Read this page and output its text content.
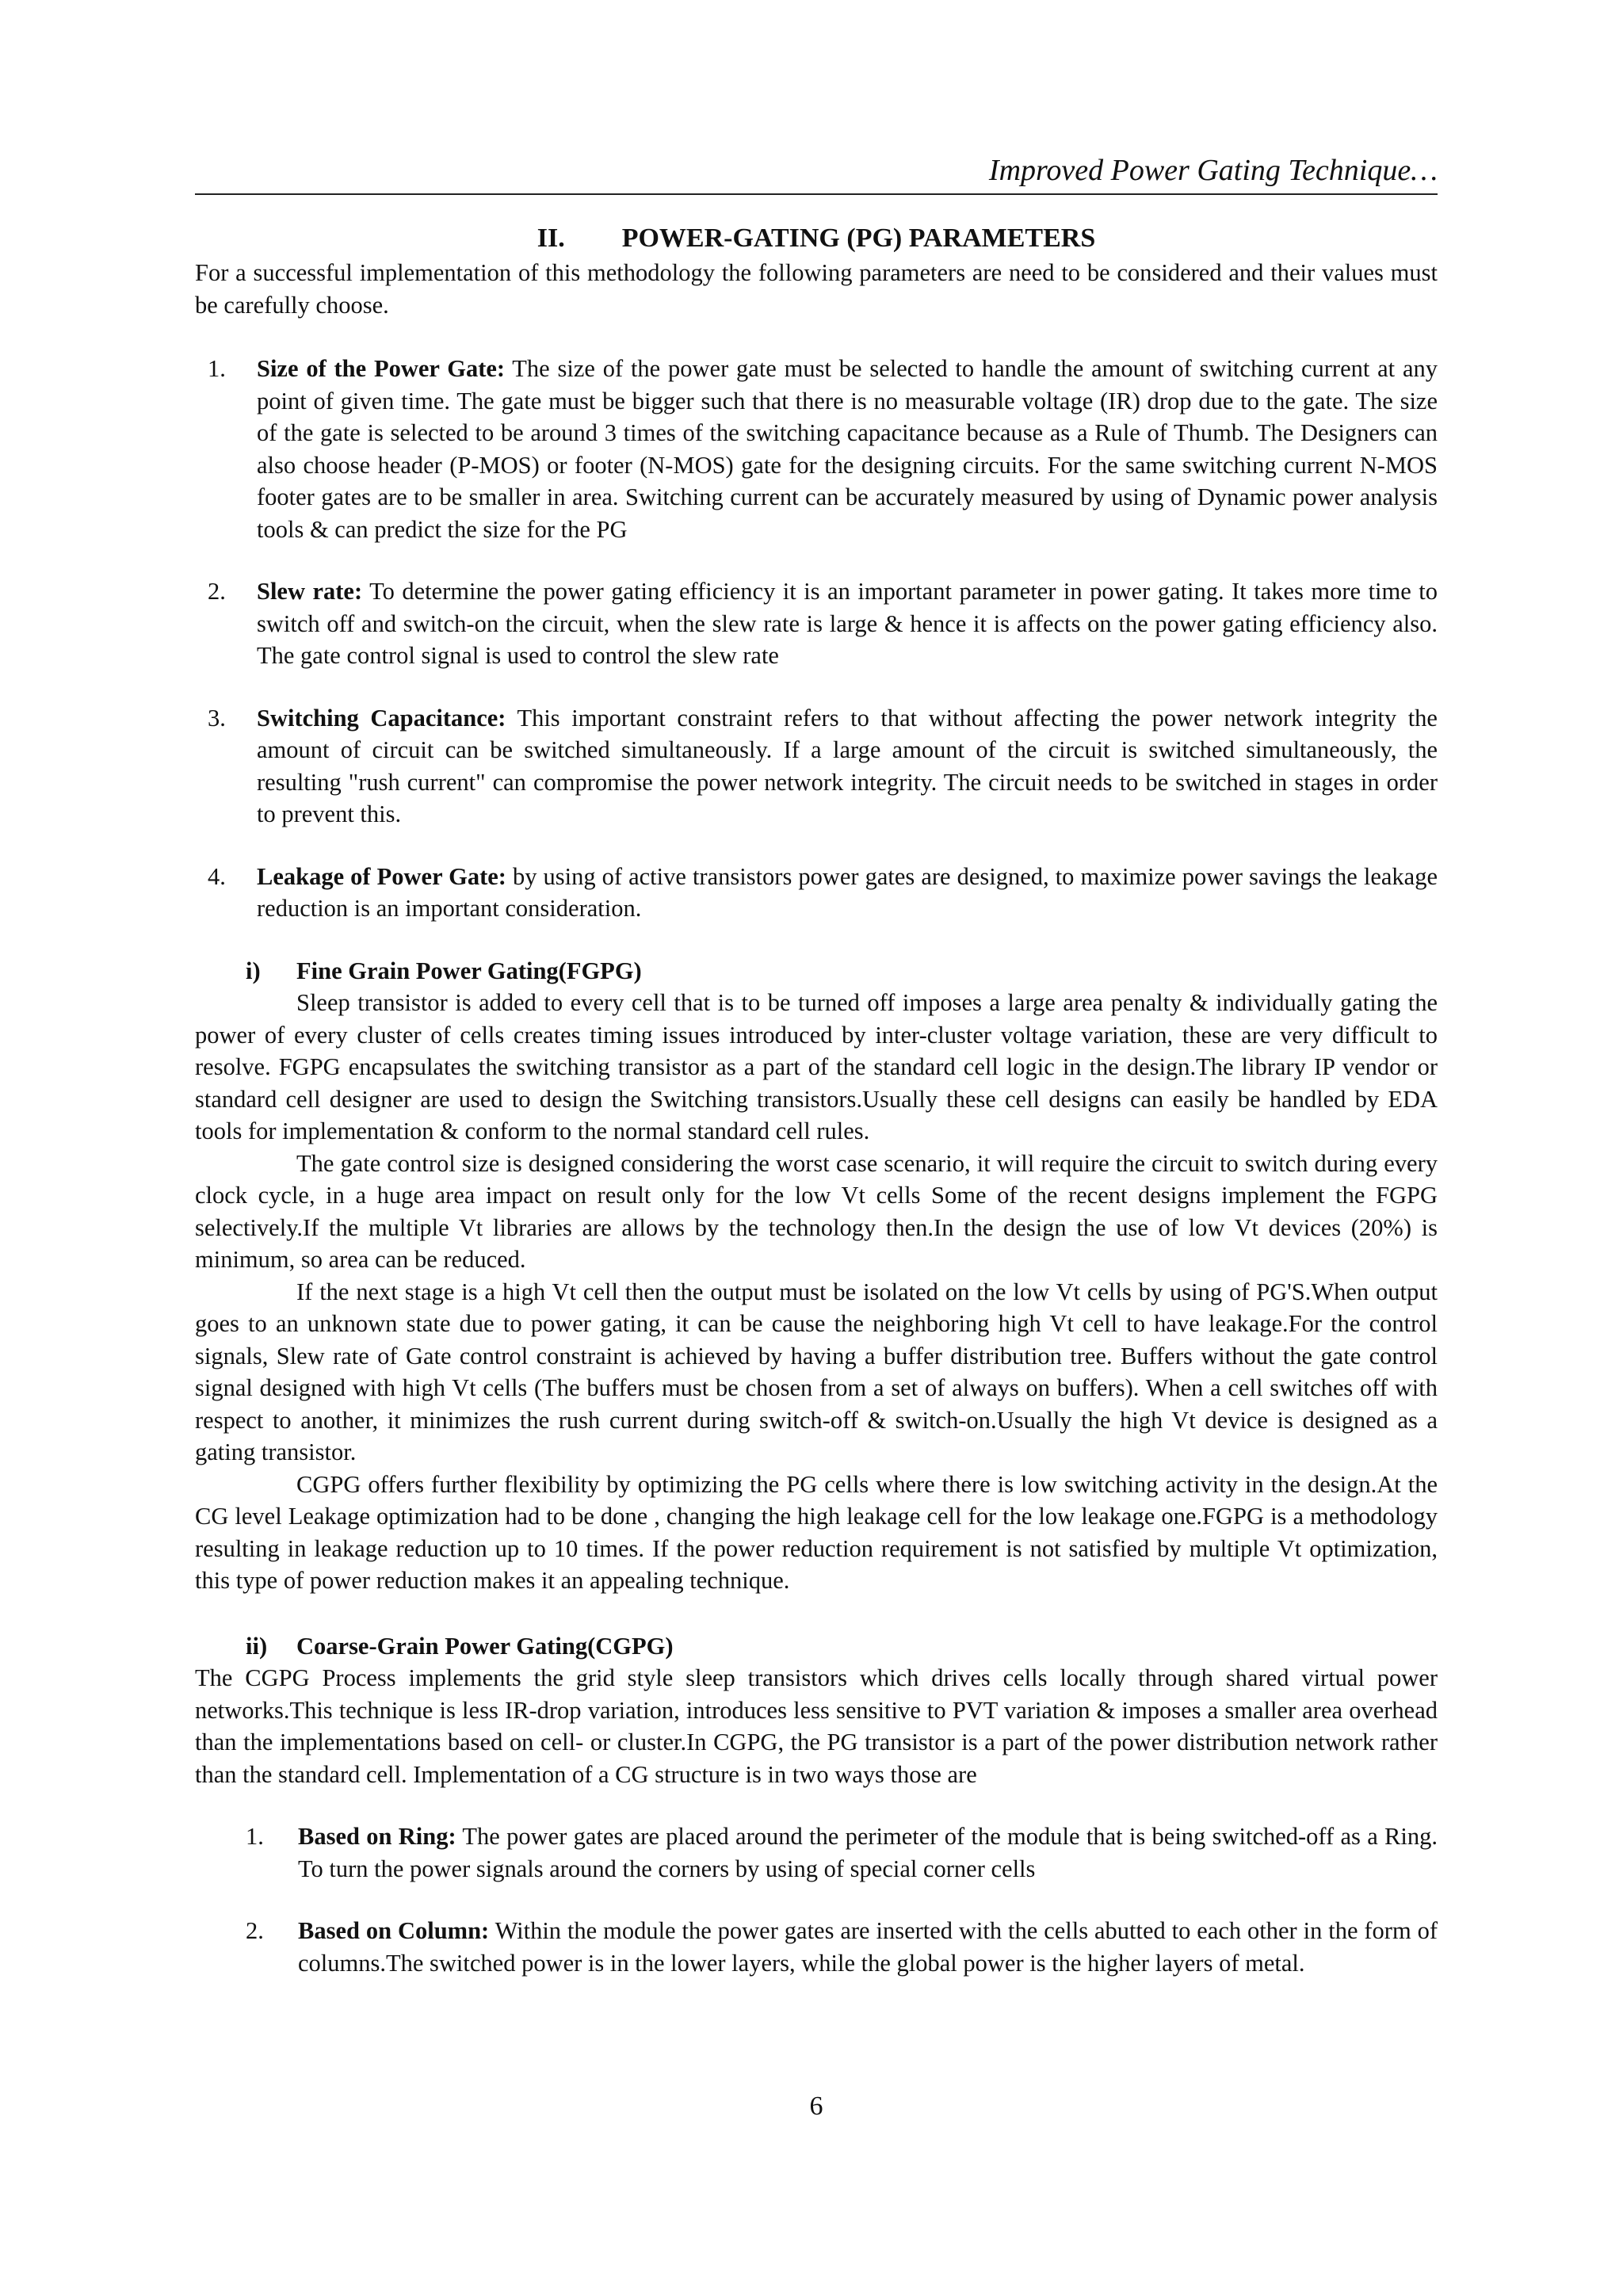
Improved Power Gating Technique…
II. POWER-GATING (PG) PARAMETERS

For a successful implementation of this methodology the following parameters are need to be considered and their values must be carefully choose.

1. Size of the Power Gate: The size of the power gate must be selected to handle the amount of switching current at any point of given time. The gate must be bigger such that there is no measurable voltage (IR) drop due to the gate. The size of the gate is selected to be around 3 times of the switching capacitance because as a Rule of Thumb. The Designers can also choose header (P-MOS) or footer (N-MOS) gate for the designing circuits. For the same switching current N-MOS footer gates are to be smaller in area. Switching current can be accurately measured by using of Dynamic power analysis tools & can predict the size for the PG
2. Slew rate: To determine the power gating efficiency it is an important parameter in power gating. It takes more time to switch off and switch-on the circuit, when the slew rate is large & hence it is affects on the power gating efficiency also. The gate control signal is used to control the slew rate
3. Switching Capacitance: This important constraint refers to that without affecting the power network integrity the amount of circuit can be switched simultaneously. If a large amount of the circuit is switched simultaneously, the resulting "rush current" can compromise the power network integrity. The circuit needs to be switched in stages in order to prevent this.
4. Leakage of Power Gate: by using of active transistors power gates are designed, to maximize power savings the leakage reduction is an important consideration.
i) Fine Grain Power Gating(FGPG)

Sleep transistor is added to every cell that is to be turned off imposes a large area penalty & individually gating the power of every cluster of cells creates timing issues introduced by inter-cluster voltage variation, these are very difficult to resolve. FGPG encapsulates the switching transistor as a part of the standard cell logic in the design.The library IP vendor or standard cell designer are used to design the Switching transistors.Usually these cell designs can easily be handled by EDA tools for implementation & conform to the normal standard cell rules.

The gate control size is designed considering the worst case scenario, it will require the circuit to switch during every clock cycle, in a huge area impact on result only for the low Vt cells Some of the recent designs implement the FGPG selectively.If the multiple Vt libraries are allows by the technology then.In the design the use of low Vt devices (20%) is minimum, so area can be reduced.

If the next stage is a high Vt cell then the output must be isolated on the low Vt cells by using of PG'S.When output goes to an unknown state due to power gating, it can be cause the neighboring high Vt cell to have leakage.For the control signals, Slew rate of Gate control constraint is achieved by having a buffer distribution tree. Buffers without the gate control signal designed with high Vt cells (The buffers must be chosen from a set of always on buffers). When a cell switches off with respect to another, it minimizes the rush current during switch-off & switch-on.Usually the high Vt device is designed as a gating transistor.

CGPG offers further flexibility by optimizing the PG cells where there is low switching activity in the design.At the CG level Leakage optimization had to be done , changing the high leakage cell for the low leakage one.FGPG is a methodology resulting in leakage reduction up to 10 times. If the power reduction requirement is not satisfied by multiple Vt optimization, this type of power reduction makes it an appealing technique.

ii) Coarse-Grain Power Gating(CGPG)

The CGPG Process implements the grid style sleep transistors which drives cells locally through shared virtual power networks.This technique is less IR-drop variation, introduces less sensitive to PVT variation & imposes a smaller area overhead than the implementations based on cell- or cluster.In CGPG, the PG transistor is a part of the power distribution network rather than the standard cell. Implementation of a CG structure is in two ways those are

1. Based on Ring: The power gates are placed around the perimeter of the module that is being switched-off as a Ring. To turn the power signals around the corners by using of special corner cells
2. Based on Column: Within the module the power gates are inserted with the cells abutted to each other in the form of columns.The switched power is in the lower layers, while the global power is the higher layers of metal.
6
